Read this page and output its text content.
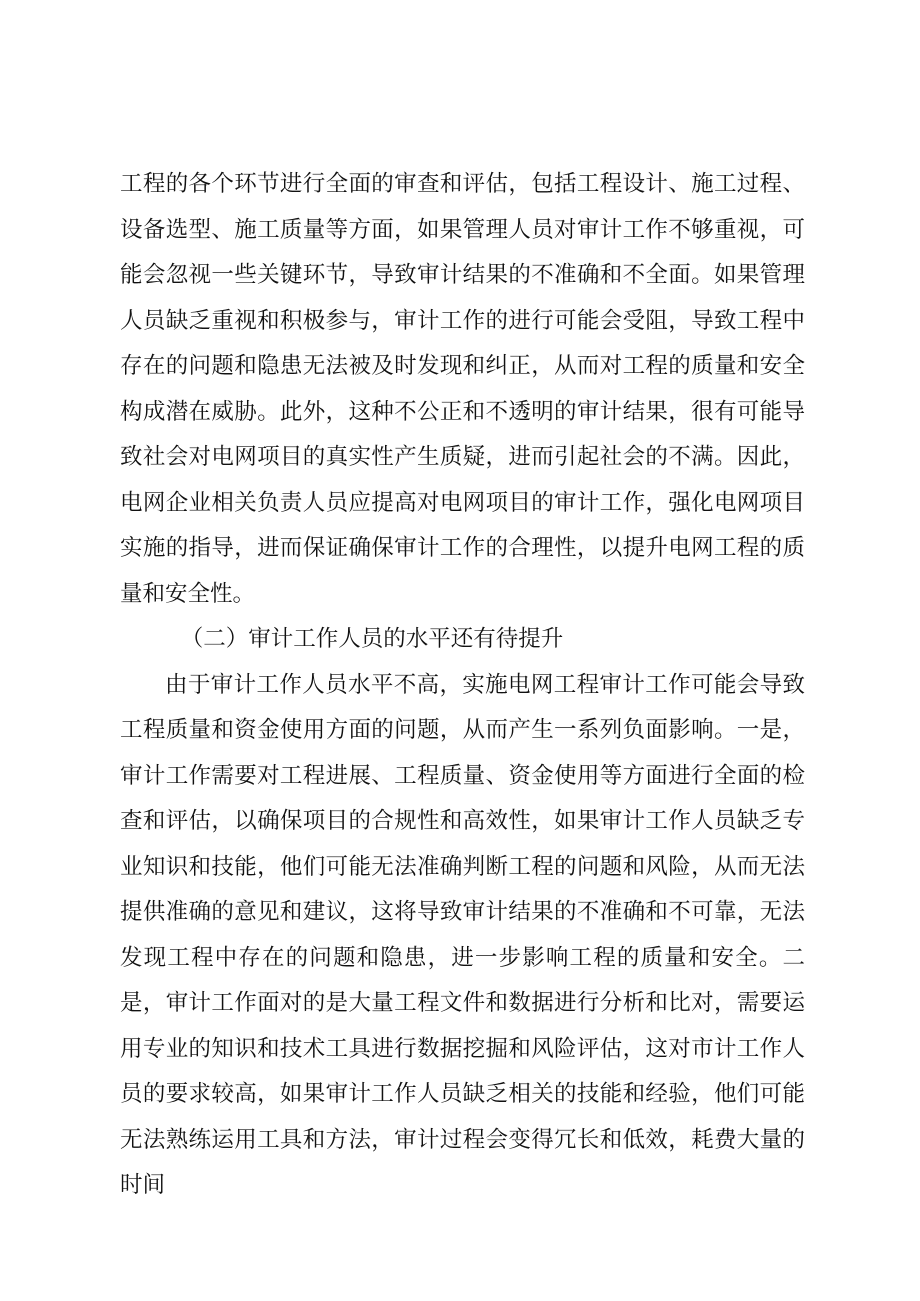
工程的各个环节进行全面的审查和评估，包括工程设计、施工过程、设备选型、施工质量等方面，如果管理人员对审计工作不够重视，可能会忽视一些关键环节，导致审计结果的不准确和不全面。如果管理人员缺乏重视和积极参与，审计工作的进行可能会受阻，导致工程中存在的问题和隐患无法被及时发现和纠正，从而对工程的质量和安全构成潜在威胁。此外，这种不公正和不透明的审计结果，很有可能导致社会对电网项目的真实性产生质疑，进而引起社会的不满。因此，电网企业相关负责人员应提高对电网项目的审计工作，强化电网项目实施的指导，进而保证确保审计工作的合理性，以提升电网工程的质量和安全性。

（二）审计工作人员的水平还有待提升

由于审计工作人员水平不高，实施电网工程审计工作可能会导致工程质量和资金使用方面的问题，从而产生一系列负面影响。一是，审计工作需要对工程进展、工程质量、资金使用等方面进行全面的检查和评估，以确保项目的合规性和高效性，如果审计工作人员缺乏专业知识和技能，他们可能无法准确判断工程的问题和风险，从而无法提供准确的意见和建议，这将导致审计结果的不准确和不可靠，无法发现工程中存在的问题和隐患，进一步影响工程的质量和安全。二是，审计工作面对的是大量工程文件和数据进行分析和比对，需要运用专业的知识和技术工具进行数据挖掘和风险评估，这对市计工作人员的要求较高，如果审计工作人员缺乏相关的技能和经验，他们可能无法熟练运用工具和方法，审计过程会变得冗长和低效，耗费大量的时间
